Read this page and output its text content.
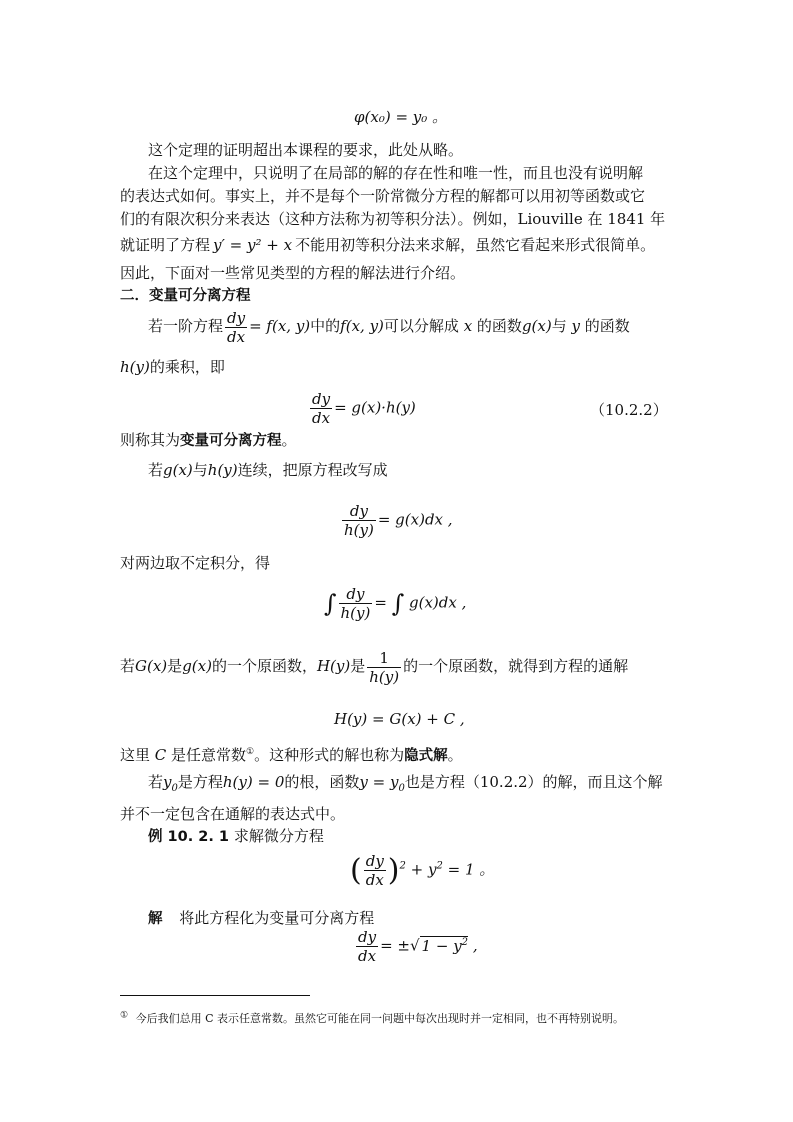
φ(x₀) = y₀ 。
这个定理的证明超出本课程的要求，此处从略。
在这个定理中，只说明了在局部的解的存在性和唯一性，而且也没有说明解
的表达式如何。事实上，并不是每个一阶常微分方程的解都可以用初等函数或它
们的有限次积分来表达（这种方法称为初等积分法）。例如，Liouville 在 1841 年
就证明了方程 y′ = y² + x 不能用初等积分法来求解，虽然它看起来形式很简单。
因此，下面对一些常见类型的方程的解法进行介绍。
二．变量可分离方程
若一阶方程 $\frac{dy}{dx} = f(x$, y)中的f(x, y)可以分解成 x 的函数g(x)与 y 的函数
h(y)的乘积，即
$\frac{dy}{dx} = g(x)\cdot h(y)$	（10.2.2）
则称其为变量可分离方程。
若g(x)与h(y)连续，把原方程改写成
$\frac{dy}{h(y)} = g(x)dx$ ,
对两边取不定积分，得
∫ $\frac{dy}{h(y)}$ = ∫ g(x)dx ,
若G(x)是g(x)的一个原函数，H(y)是 $\frac{1}{h(y)}$ 的一个原函数，就得到方程的通解
H(y) = G(x) + C ,
这里 C 是任意常数①。这种形式的解也称为隐式解。
若$y_0$是方程h(y) = 0的根，函数$y = y_0$也是方程（10.2.2）的解，而且这个解
并不一定包含在通解的表达式中。
例 10. 2. 1 求解微分方程
( $\frac{dy}{dx} )^2 + y^2 = 1$ 。
解 将此方程化为变量可分离方程
$\frac{dy}{dx}$ = ±√ $1 - y^2$ ,
① 今后我们总用 C 表示任意常数。虽然它可能在同一问题中每次出现时并一定相同，也不再特别说明。
